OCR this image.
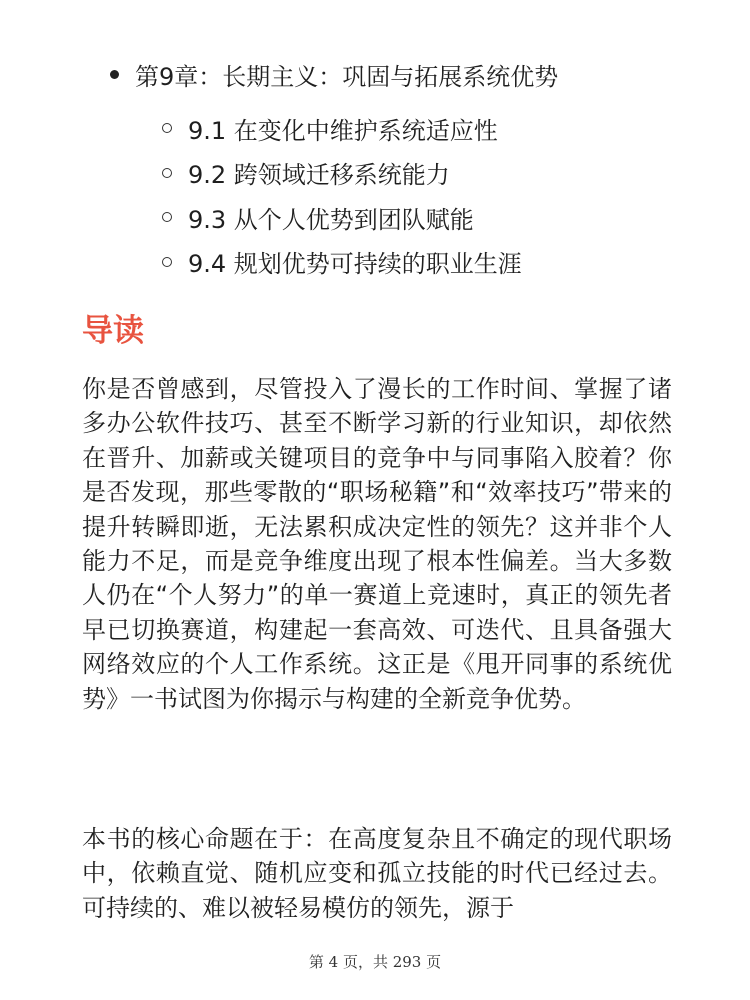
第9章：长期主义：巩固与拓展系统优势
9.1 在变化中维护系统适应性
9.2 跨领域迁移系统能力
9.3 从个人优势到团队赋能
9.4 规划优势可持续的职业生涯
导读

你是否曾感到，尽管投入了漫长的工作时间、掌握了诸多办公软件技巧、甚至不断学习新的行业知识，却依然在晋升、加薪或关键项目的竞争中与同事陷入胶着？你是否发现，那些零散的“职场秘籍”和“效率技巧”带来的提升转瞬即逝，无法累积成决定性的领先？这并非个人能力不足，而是竞争维度出现了根本性偏差。当大多数人仍在“个人努力”的单一赛道上竞速时，真正的领先者早已切换赛道，构建起一套高效、可迭代、且具备强大网络效应的个人工作系统。这正是《甩开同事的系统优势》一书试图为你揭示与构建的全新竞争优势。

本书的核心命题在于：在高度复杂且不确定的现代职场中，依赖直觉、随机应变和孤立技能的时代已经过去。可持续的、难以被轻易模仿的领先，源于

第 4 页，共 293 页
